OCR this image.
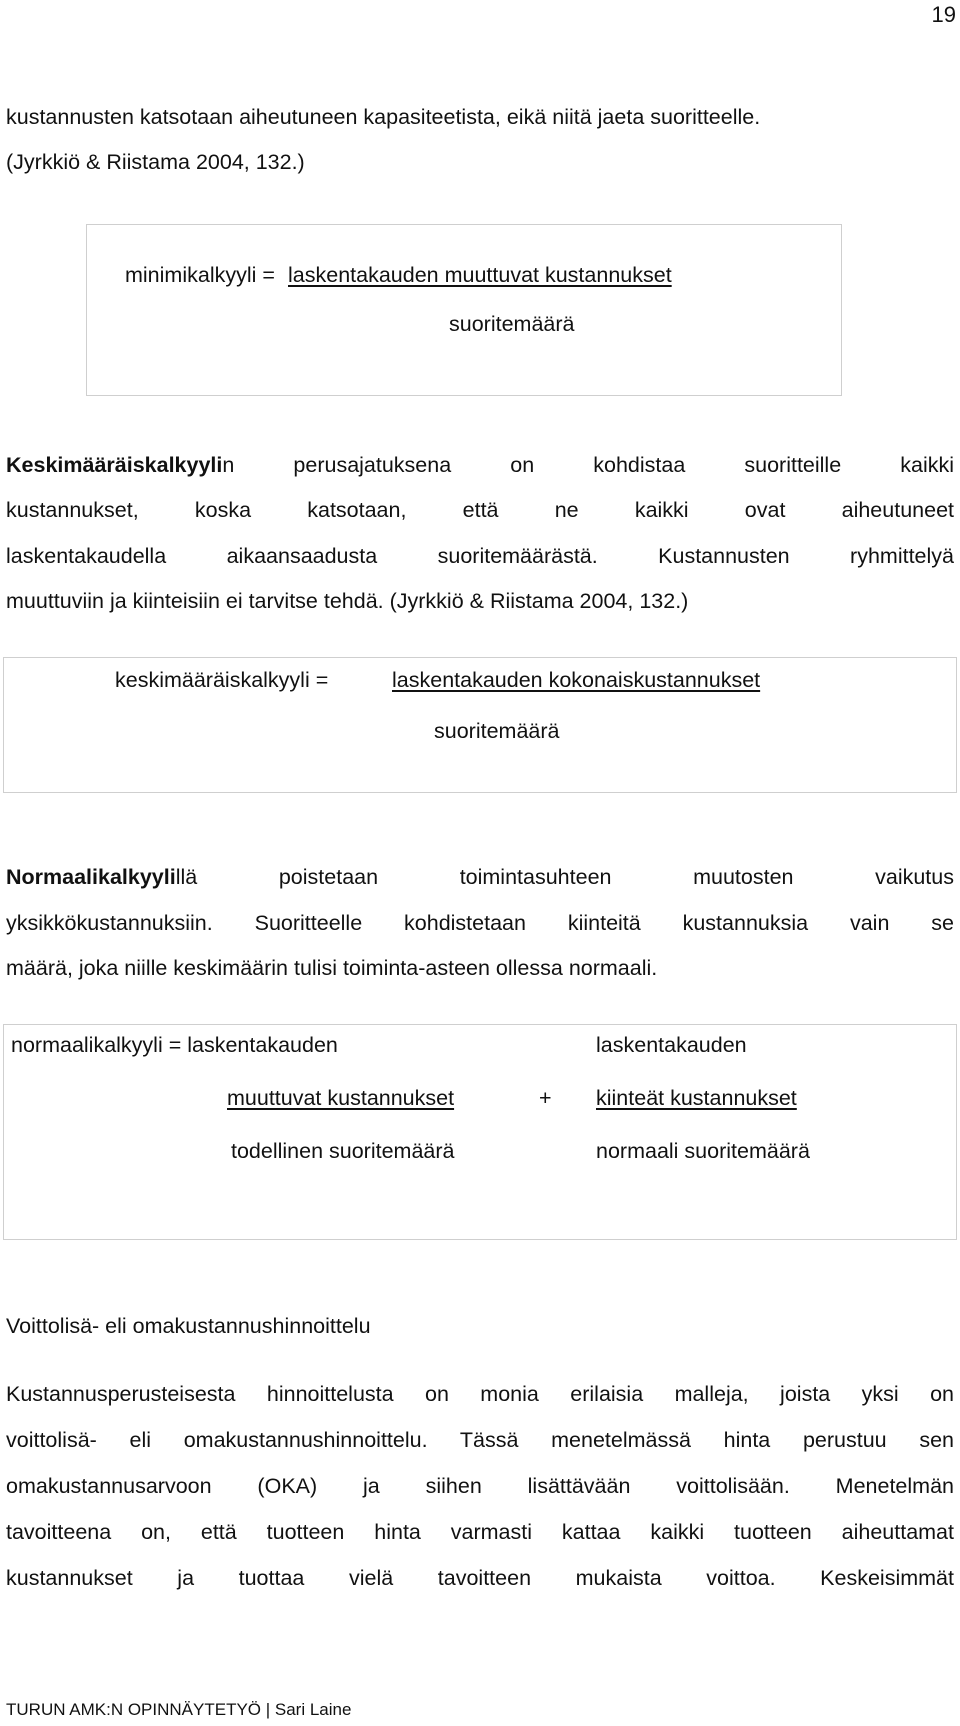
19
kustannusten katsotaan aiheutuneen kapasiteetista, eikä niitä jaeta suoritteelle.
(Jyrkkiö & Riistama 2004, 132.)
minimikalkyyli = laskentakauden muuttuvat kustannukset
suoritemäärä
Keskimääräiskalkyylin perusajatuksena on kohdistaa suoritteille kaikki
kustannukset, koska katsotaan, että ne kaikki ovat aiheutuneet
laskentakaudella aikaansaadusta suoritemäärästä. Kustannusten ryhmittelyä
muuttuviin ja kiinteisiin ei tarvitse tehdä. (Jyrkkiö & Riistama 2004, 132.)
keskimääräiskalkyyli =	laskentakauden kokonaiskustannukset
suoritemäärä
Normaalikalkyylillä poistetaan toimintasuhteen muutosten vaikutus
yksikkökustannuksiin. Suoritteelle kohdistetaan kiinteitä kustannuksia vain se
määrä, joka niille keskimäärin tulisi toiminta-asteen ollessa normaali.
normaalikalkyyli = laskentakauden
muuttuvat kustannukset	+
todellinen suoritemäärä
laskentakauden
kiinteät kustannukset
normaali suoritemäärä
Voittolisä- eli omakustannushinnoittelu
Kustannusperusteisesta hinnoittelusta on monia erilaisia malleja, joista yksi on
voittolisä- eli omakustannushinnoittelu. Tässä menetelmässä hinta perustuu sen
omakustannusarvoon (OKA) ja siihen lisättävään voittolisään. Menetelmän
tavoitteena on, että tuotteen hinta varmasti kattaa kaikki tuotteen aiheuttamat
kustannukset ja tuottaa vielä tavoitteen mukaista voittoa. Keskeisimmät
TURUN AMK:N OPINNÄYTETYÖ | Sari Laine
